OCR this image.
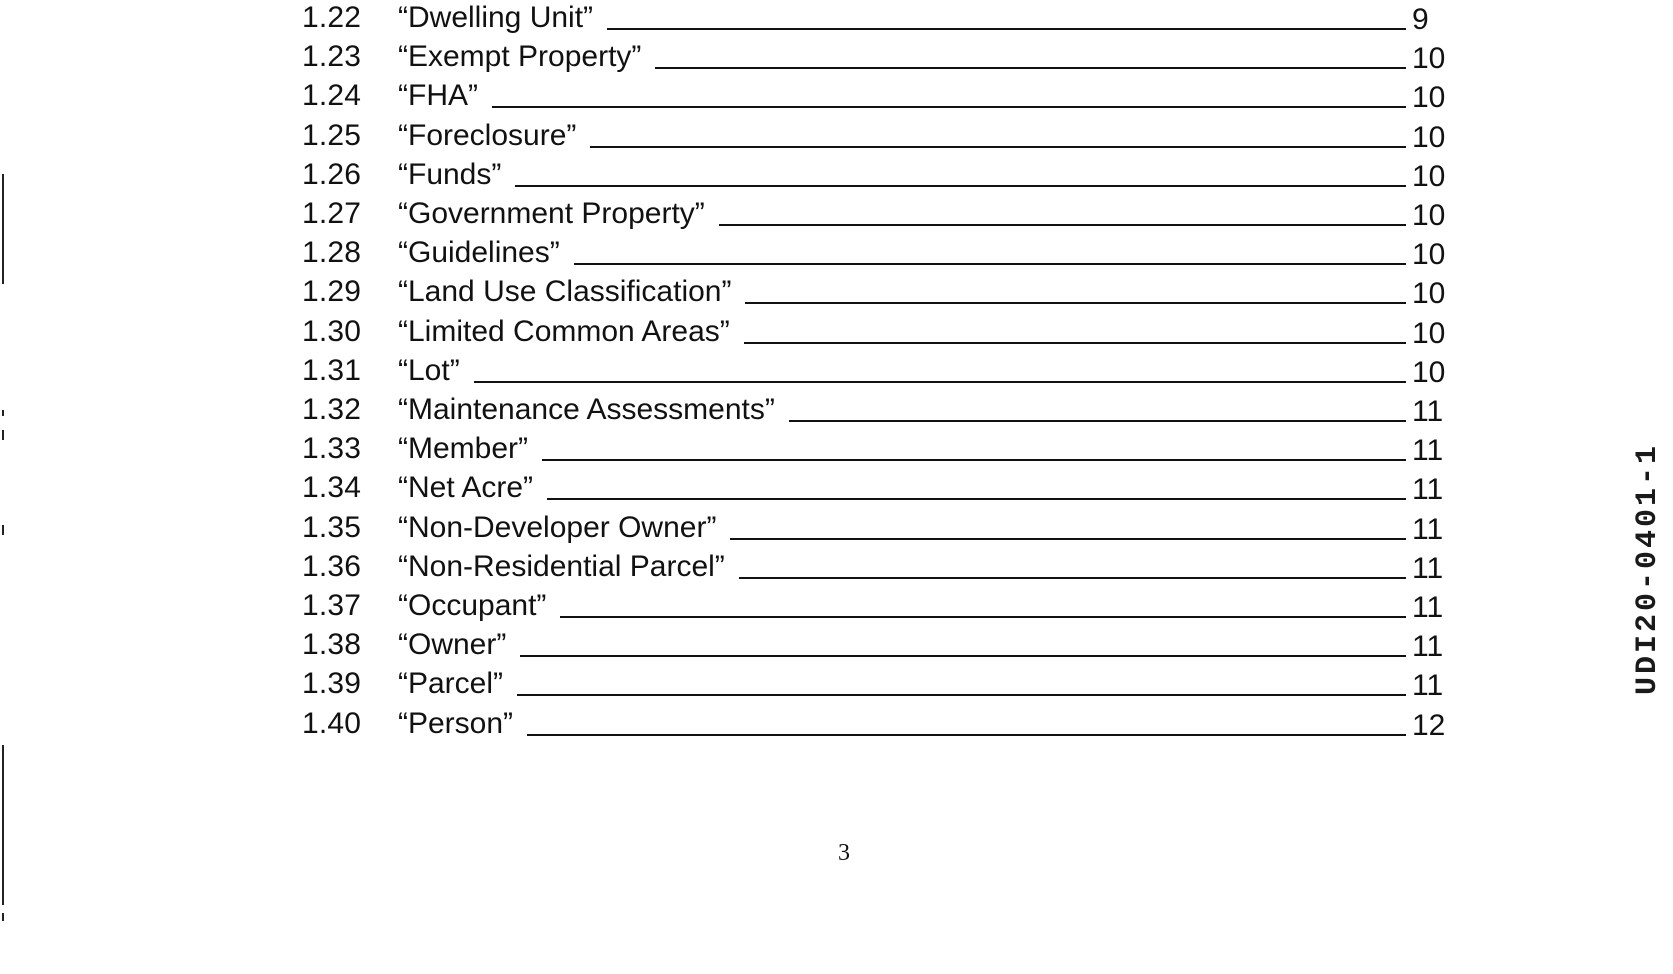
1.22 “Dwelling Unit”	9
1.23 “Exempt Property”	10
1.24 “FHA”	10
1.25 “Foreclosure”	10
1.26 “Funds”	10
1.27 “Government Property”	10
1.28 “Guidelines”	10
1.29 “Land Use Classification”	10
1.30 “Limited Common Areas”	10
1.31 “Lot”	10
1.32 “Maintenance Assessments”	11
1.33 “Member”	11
1.34 “Net Acre”	11
1.35 “Non-Developer Owner”	11
1.36 “Non-Residential Parcel”	11
1.37 “Occupant”	11
1.38 “Owner”	11
1.39 “Parcel”	11
1.40 “Person”	12
3
UDI20-0401-1
